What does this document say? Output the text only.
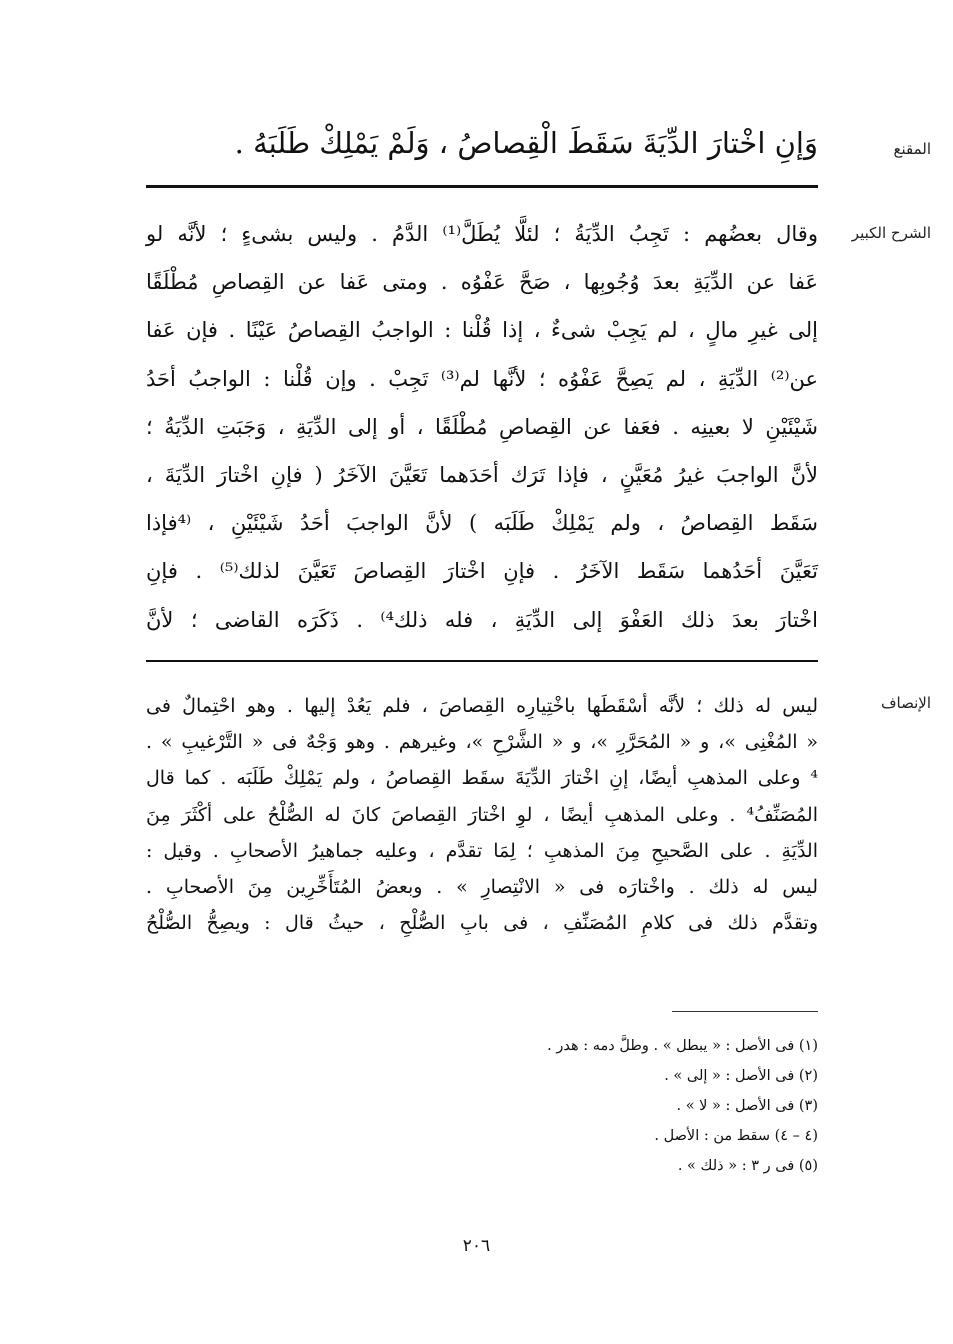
المقنع
وَإنِ اخْتارَ الدِّيَةَ سَقَطَ الْقِصاصُ ، وَلَمْ يَمْلِكْ طَلَبَهُ .
الشرح الكبير
وقال بعضُهم : تَجِبُ الدِّيَةُ ؛ لئلَّا يُطَلَّ⁽¹⁾ الدَّمُ . وليس بشىءٍ ؛ لأنَّه لو
عَفا عن الدِّيَةِ بعدَ وُجُوبِها ، صَحَّ عَفْوُه . ومتى عَفا عن القِصاصِ مُطْلَقًا
إلى غيرِ مالٍ ، لم يَجِبْ شىءٌ ، إذا قُلْنا : الواجبُ القِصاصُ عَيْنًا . فإن عَفا
عن⁽²⁾ الدِّيَةِ ، لم يَصِحَّ عَفْوُه ؛ لأنَّها لم⁽³⁾ تَجِبْ . وإن قُلْنا : الواجبُ أحَدُ
شَيْئَيْنِ لا بعينِه . فعَفا عن القِصاصِ مُطْلَقًا ، أو إلى الدِّيَةِ ، وَجَبَتِ الدِّيَةُ ؛
لأنَّ الواجبَ غيرُ مُعَيَّنٍ ، فإذا تَرَك أحَدَهما تَعَيَّنَ الآخَرُ ( فإنِ اخْتارَ الدِّيَةَ ،
سَقَط القِصاصُ ، ولم يَمْلِكْ طَلَبَه ) لأنَّ الواجبَ أحَدُ شَيْئَيْنِ ، ⁽⁴فإذا
تَعَيَّنَ أحَدُهما سَقَط الآخَرُ . فإنِ اخْتارَ القِصاصَ تَعَيَّنَ لذلك⁽⁵⁾ . فإنِ
اخْتارَ بعدَ ذلك العَفْوَ إلى الدِّيَةِ ، فله ذلك⁴⁾ . ذَكَرَه القاضى ؛ لأنَّ
الإنصاف
ليس له ذلك ؛ لأنَّه أسْقَطَها باخْتِيارِه القِصاصَ ، فلم يَعُدْ إليها . وهو احْتِمالٌ فى
« المُغْنِى »، و « المُحَرَّرِ »، و « الشَّرْحِ »، وغيرهم . وهو وَجْهٌ فى « التَّرْغيبِ » .
⁴ وعلى المذهبِ أيضًا، إنِ اخْتارَ الدِّيَةَ سقَط القِصاصُ ، ولم يَمْلِكْ طَلَبَه . كما قال
المُصَنِّفُ⁴ . وعلى المذهبِ أيضًا ، لوِ اخْتارَ القِصاصَ كانَ له الصُّلْحُ على أكْثَرَ مِنَ
الدِّيَةِ . على الصَّحيحِ مِنَ المذهبِ ؛ لِمَا تقدَّم ، وعليه جماهيرُ الأصحابِ . وقيل :
ليس له ذلك . واخْتارَه فى « الانْتِصارِ » . وبعضُ المُتَأَخِّرِين مِنَ الأصحابِ .
وتقدَّم ذلك فى كلامِ المُصَنِّفِ ، فى بابِ الصُّلْحِ ، حيثُ قال : ويصِحُّ الصُّلْحُ
(١) فى الأصل : « يبطل » . وطلَّ دمه : هدر .
(٢) فى الأصل : « إلى » .
(٣) فى الأصل : « لا » .
(٤ – ٤) سقط من : الأصل .
(٥) فى ر ٣ : « ذلك » .
٢٠٦
